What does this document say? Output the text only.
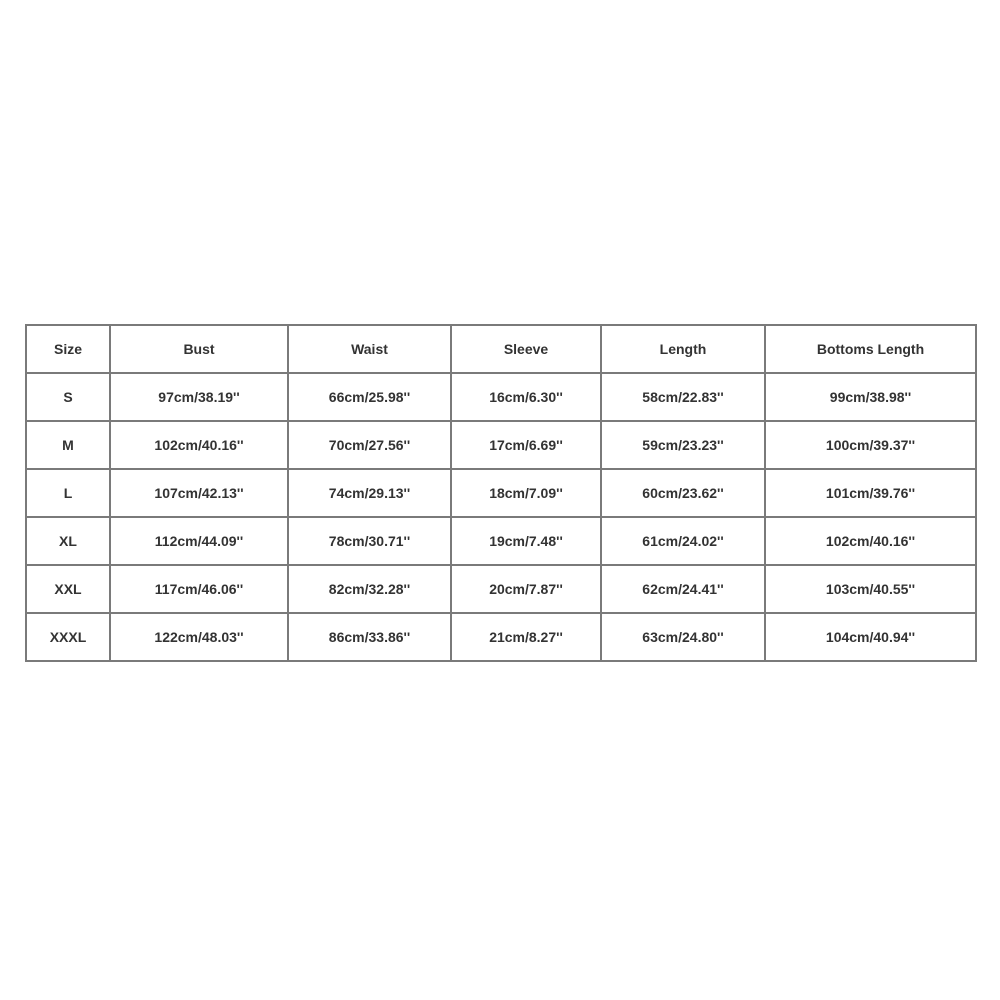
Size	Bust	Waist	Sleeve	Length	Bottoms Length
S	97cm/38.19''	66cm/25.98''	16cm/6.30''	58cm/22.83''	99cm/38.98''
M	102cm/40.16''	70cm/27.56''	17cm/6.69''	59cm/23.23''	100cm/39.37''
L	107cm/42.13''	74cm/29.13''	18cm/7.09''	60cm/23.62''	101cm/39.76''
XL	112cm/44.09''	78cm/30.71''	19cm/7.48''	61cm/24.02''	102cm/40.16''
XXL	117cm/46.06''	82cm/32.28''	20cm/7.87''	62cm/24.41''	103cm/40.55''
XXXL	122cm/48.03''	86cm/33.86''	21cm/8.27''	63cm/24.80''	104cm/40.94''
